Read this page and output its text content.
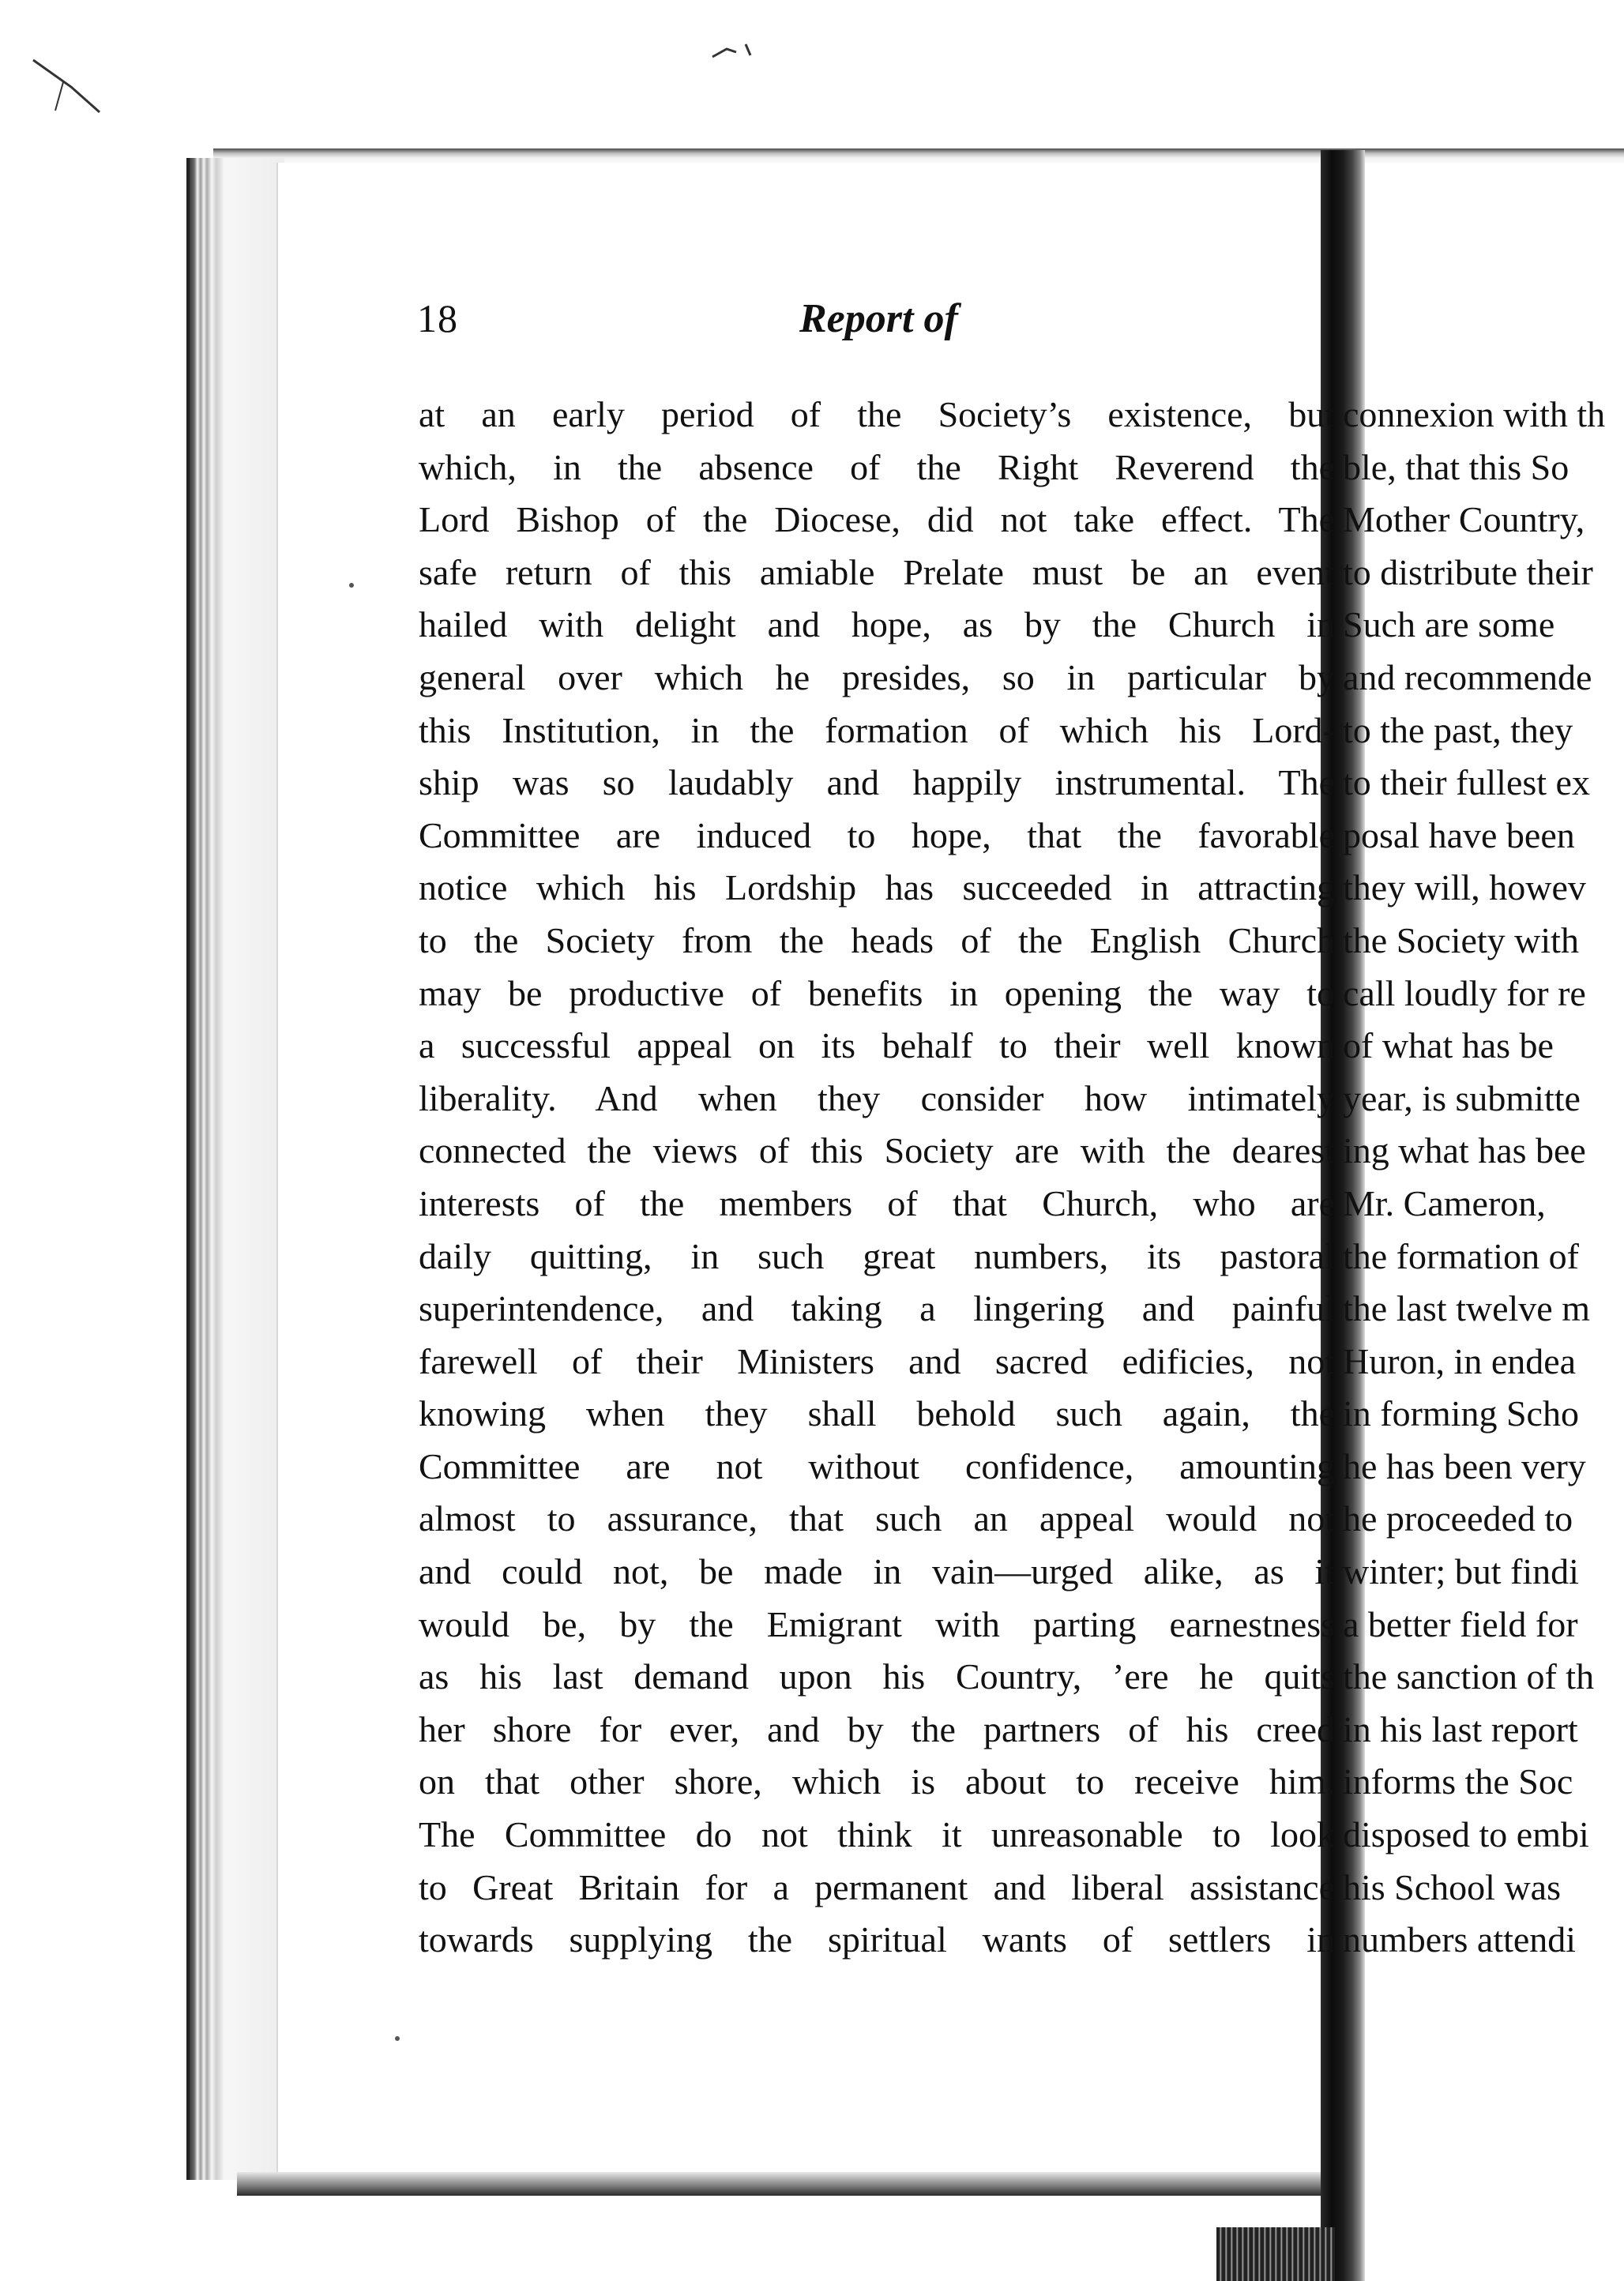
18	Report of
at an early period of the Society’s existence, but
which, in the absence of the Right Reverend the
Lord Bishop of the Diocese, did not take effect. The
safe return of this amiable Prelate must be an event
hailed with delight and hope, as by the Church in
general over which he presides, so in particular by
this Institution, in the formation of which his Lord-
ship was so laudably and happily instrumental. The
Committee are induced to hope, that the favorable
notice which his Lordship has succeeded in attracting
to the Society from the heads of the English Church
may be productive of benefits in opening the way to
a successful appeal on its behalf to their well known
liberality. And when they consider how intimately
connected the views of this Society are with the dearest
interests of the members of that Church, who are
daily quitting, in such great numbers, its pastoral
superintendence, and taking a lingering and painful
farewell of their Ministers and sacred edificies, not
knowing when they shall behold such again, the
Committee are not without confidence, amounting
almost to assurance, that such an appeal would not
and could not, be made in vain—urged alike, as it
would be, by the Emigrant with parting earnestness
as his last demand upon his Country, ’ere he quits
her shore for ever, and by the partners of his creed
on that other shore, which is about to receive him.
The Committee do not think it unreasonable to look
to Great Britain for a permanent and liberal assistance
towards supplying the spiritual wants of settlers in
connexion with th
ble, that this So
Mother Country,
to distribute their
Such are some
and recommende
to the past, they
to their fullest ex
posal have been
they will, howev
the Society with
call loudly for re
of what has be
year, is submitte
ing what has bee
Mr. Cameron,
the formation of
the last twelve m
Huron, in endea
in forming Scho
he has been very
he proceeded to
winter; but findi
a better field for
the sanction of th
in his last report
informs the Soc
disposed to embi
his School was
numbers attendi
